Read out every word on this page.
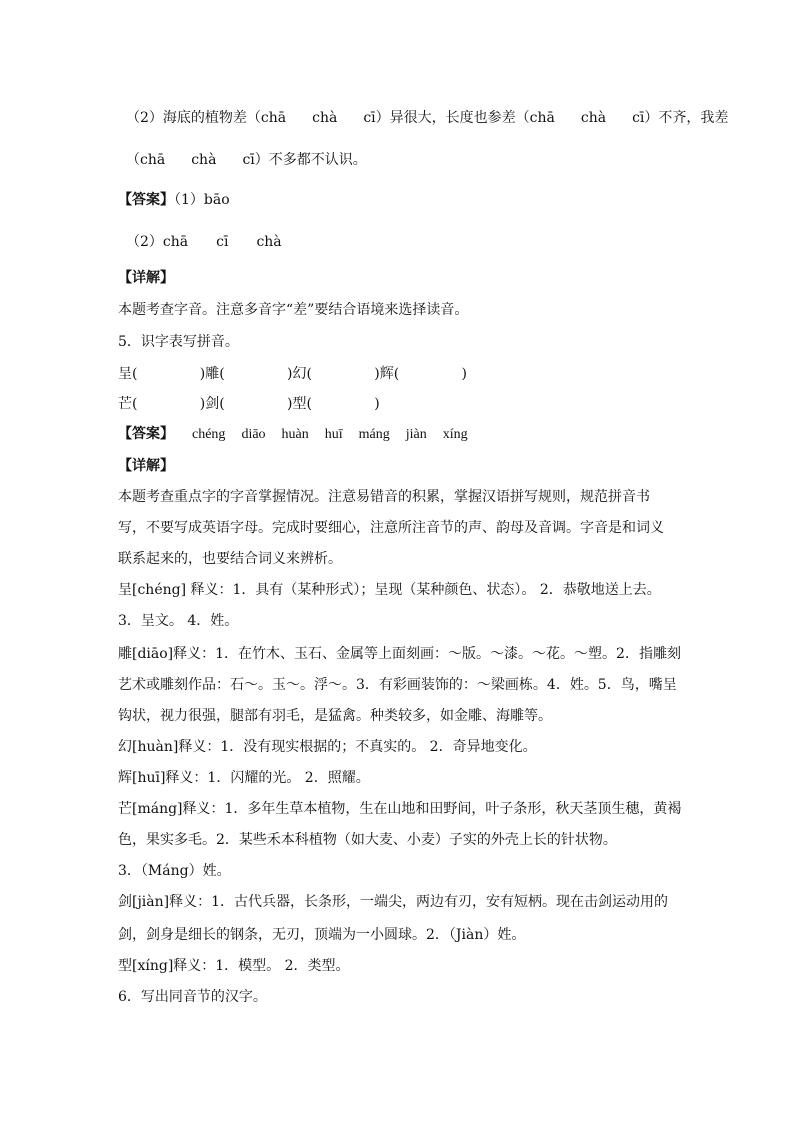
（2）海底的植物差（chā chà cī）异很大，长度也参差（chā chà cī）不齐，我差
（chā chà cī）不多都不认识。
【答案】（1）bāo
（2）chā cī chà
【详解】
本题考查字音。注意多音字“差”要结合语境来选择读音。
5．识字表写拼音。
呈(              )雕(              )幻(              )辉(              )
芒(              )剑(              )型(              )
【答案】 chéng diāo huàn huī máng jiàn xíng
【详解】
本题考查重点字的字音掌握情况。注意易错音的积累，掌握汉语拼写规则，规范拼音书
写，不要写成英语字母。完成时要细心，注意所注音节的声、韵母及音调。字音是和词义
联系起来的，也要结合词义来辨析。
呈[chéng] 释义：1．具有（某种形式）；呈现（某种颜色、状态）。 2．恭敬地送上去。
3．呈文。 4．姓。
雕[diāo]释义：1．在竹木、玉石、金属等上面刻画：～版。～漆。～花。～塑。2．指雕刻
艺术或雕刻作品：石～。玉～。浮～。3．有彩画装饰的：～梁画栋。4．姓。5．鸟，嘴呈
钩状，视力很强，腿部有羽毛，是猛禽。种类较多，如金雕、海雕等。
幻[huàn]释义：1．没有现实根据的；不真实的。 2．奇异地变化。
辉[huī]释义：1．闪耀的光。 2．照耀。
芒[máng]释义：1．多年生草本植物，生在山地和田野间，叶子条形，秋天茎顶生穗，黄褐
色，果实多毛。2．某些禾本科植物（如大麦、小麦）子实的外壳上长的针状物。
3．（Máng）姓。
剑[jiàn]释义：1．古代兵器，长条形，一端尖，两边有刃，安有短柄。现在击剑运动用的
剑，剑身是细长的钢条，无刃，顶端为一小圆球。2．（Jiàn）姓。
型[xíng]释义：1．模型。 2．类型。
6．写出同音节的汉字。
